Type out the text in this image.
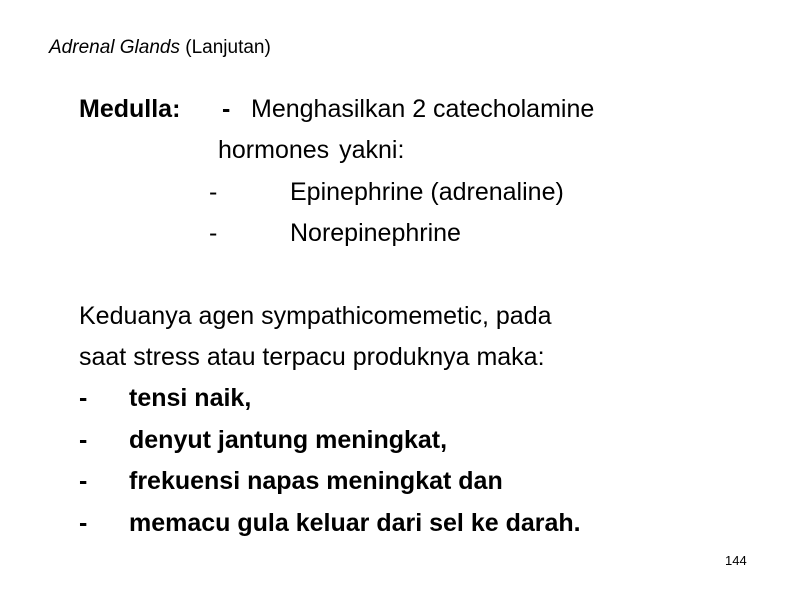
Adrenal Glands (Lanjutan)
Medulla: - Menghasilkan 2 catecholamine
hormones yakni:
-	Epinephrine (adrenaline)
-	Norepinephrine
Keduanya agen sympathicomemetic, pada
saat stress atau terpacu produknya maka:
- tensi naik,
- denyut jantung meningkat,
- frekuensi napas meningkat dan
- memacu gula keluar dari sel ke darah.
144
